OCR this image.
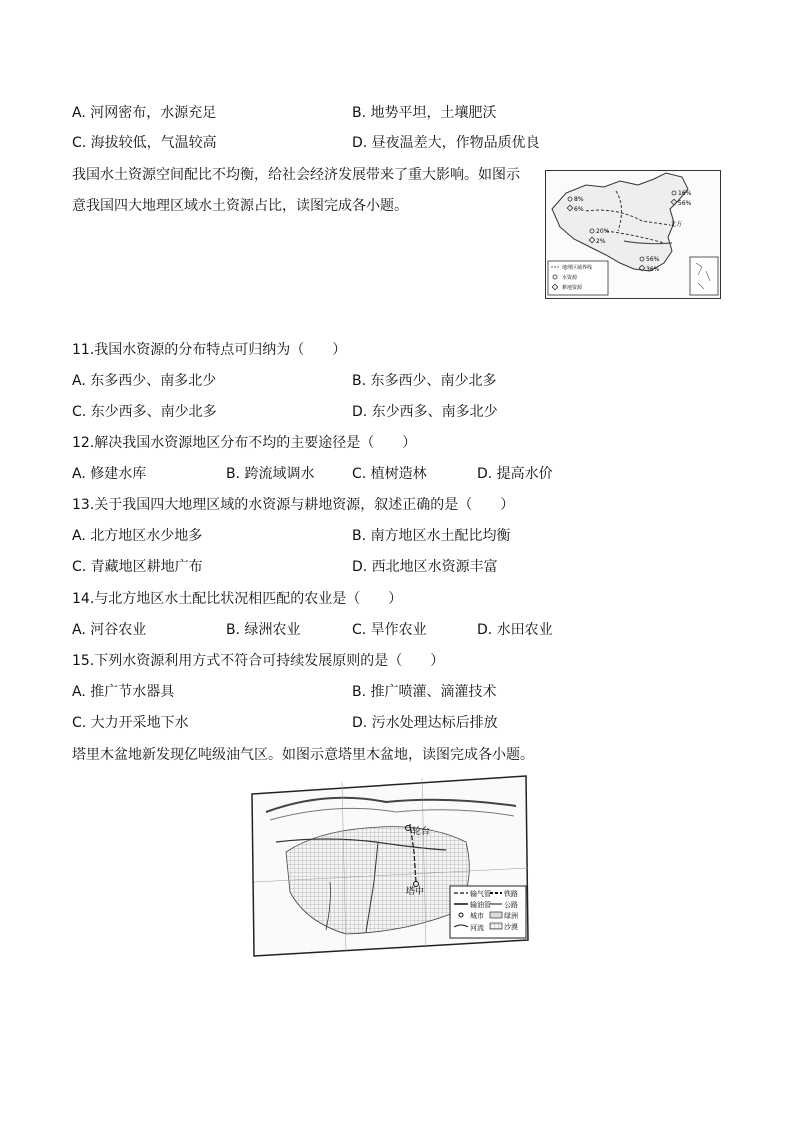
A. 河网密布，水源充足	B. 地势平坦，土壤肥沃
C. 海拔较低，气温较高	D. 昼夜温差大，作物品质优良
我国水土资源空间配比不均衡，给社会经济发展带来了重大影响。如图示
意我国四大地理区域水土资源占比，读图完成各小题。	8%
6%
20%
2%
16%
56%
北方
56%
36%
地理区域界线
水资源
耕地资源
11.我国水资源的分布特点可归纳为（　　）
A. 东多西少、南多北少	B. 东多西少、南少北多
C. 东少西多、南少北多	D. 东少西多、南多北少
12.解决我国水资源地区分布不均的主要途径是（　　）
A. 修建水库	B. 跨流域调水	C. 植树造林	D. 提高水价
13.关于我国四大地理区域的水资源与耕地资源，叙述正确的是（　　）
A. 北方地区水少地多	B. 南方地区水土配比均衡
C. 青藏地区耕地广布	D. 西北地区水资源丰富
14.与北方地区水土配比状况相匹配的农业是（　　）
A. 河谷农业	B. 绿洲农业	C. 旱作农业	D. 水田农业
15.下列水资源利用方式不符合可持续发展原则的是（　　）
A. 推广节水器具	B. 推广喷灌、滴灌技术
C. 大力开采地下水	D. 污水处理达标后排放
塔里木盆地新发现亿吨级油气区。如图示意塔里木盆地，读图完成各小题。
轮台
塔中	输气管
输油管
城市
河流
铁路
公路
绿洲
沙漠
